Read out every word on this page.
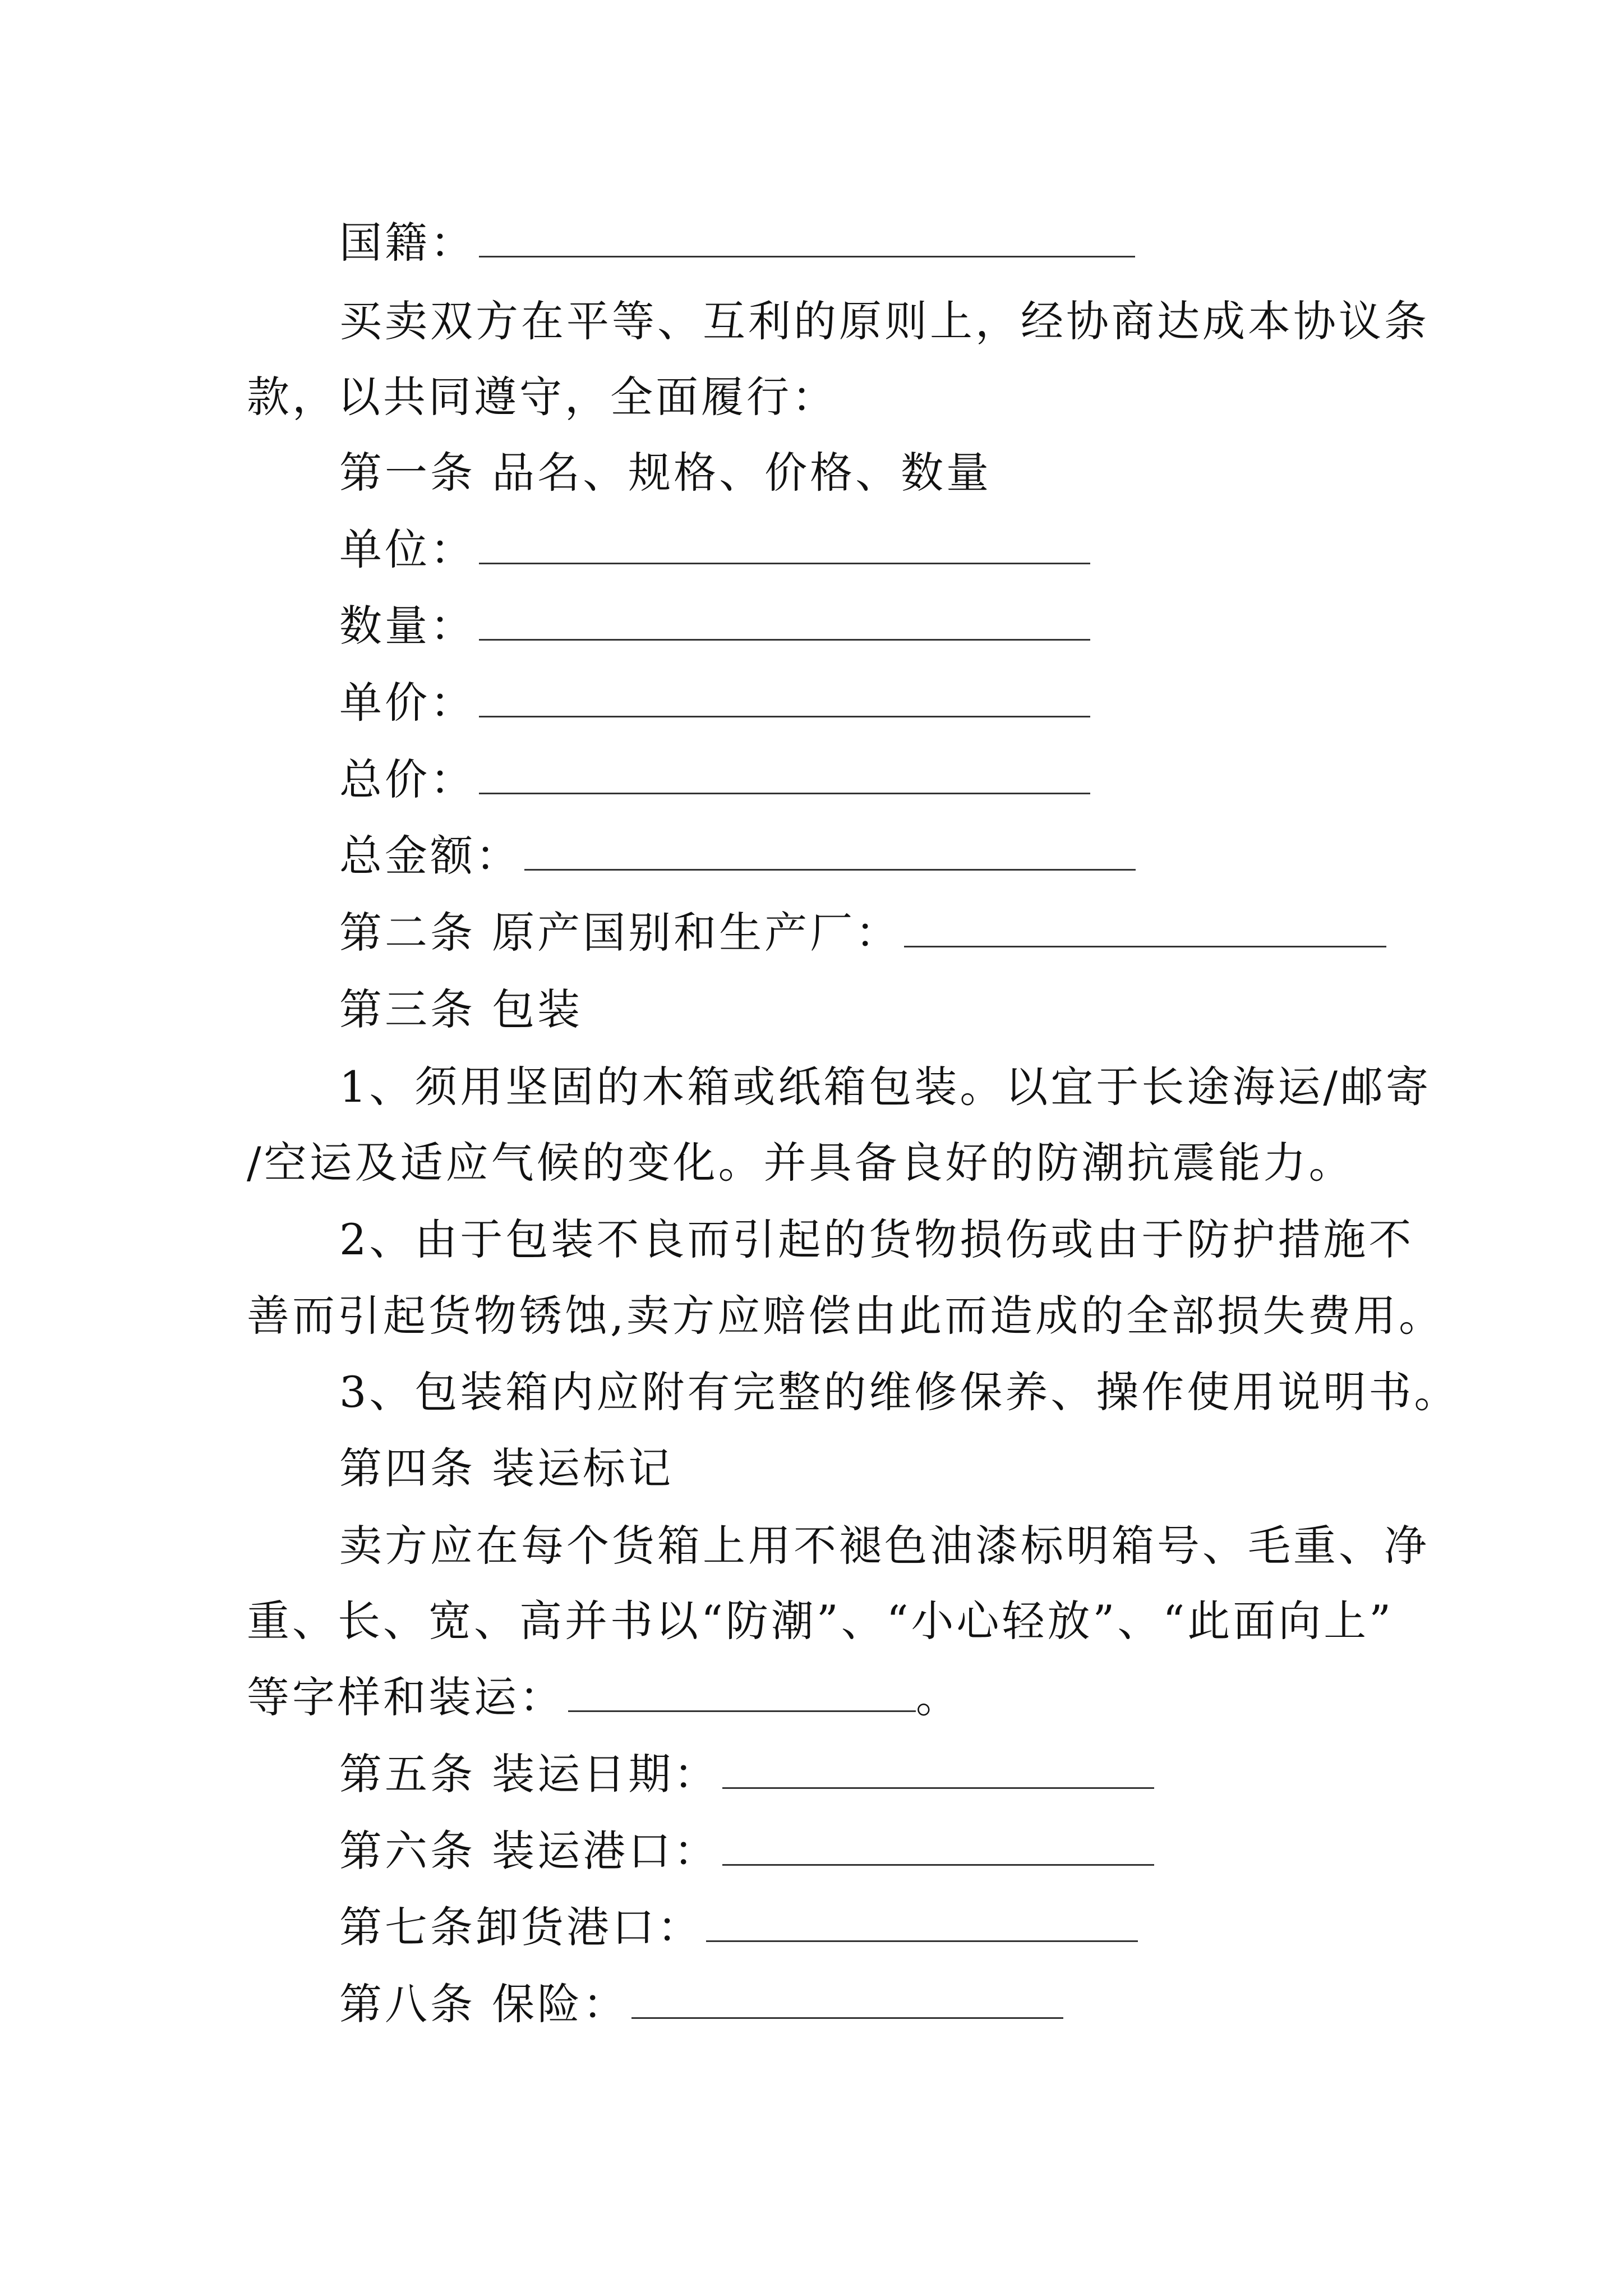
国籍：
买卖双方在平等、互利的原则上，经协商达成本协议条
款，以共同遵守，全面履行：
第一条 品名、规格、价格、数量
单位：
数量：
单价：
总价：
总金额：
第二条 原产国别和生产厂：
第三条 包装
1、须用坚固的木箱或纸箱包装。以宜于长途海运/邮寄
/空运及适应气候的变化。并具备良好的防潮抗震能力。
2、由于包装不良而引起的货物损伤或由于防护措施不
善而引起货物锈蚀,卖方应赔偿由此而造成的全部损失费用。
3、包装箱内应附有完整的维修保养、操作使用说明书。
第四条 装运标记
卖方应在每个货箱上用不褪色油漆标明箱号、毛重、净
重、长、宽、高并书以“防潮”、“小心轻放”、“此面向上”
等字样和装运：	。
第五条 装运日期：
第六条 装运港口：
第七条卸货港口：
第八条 保险：
